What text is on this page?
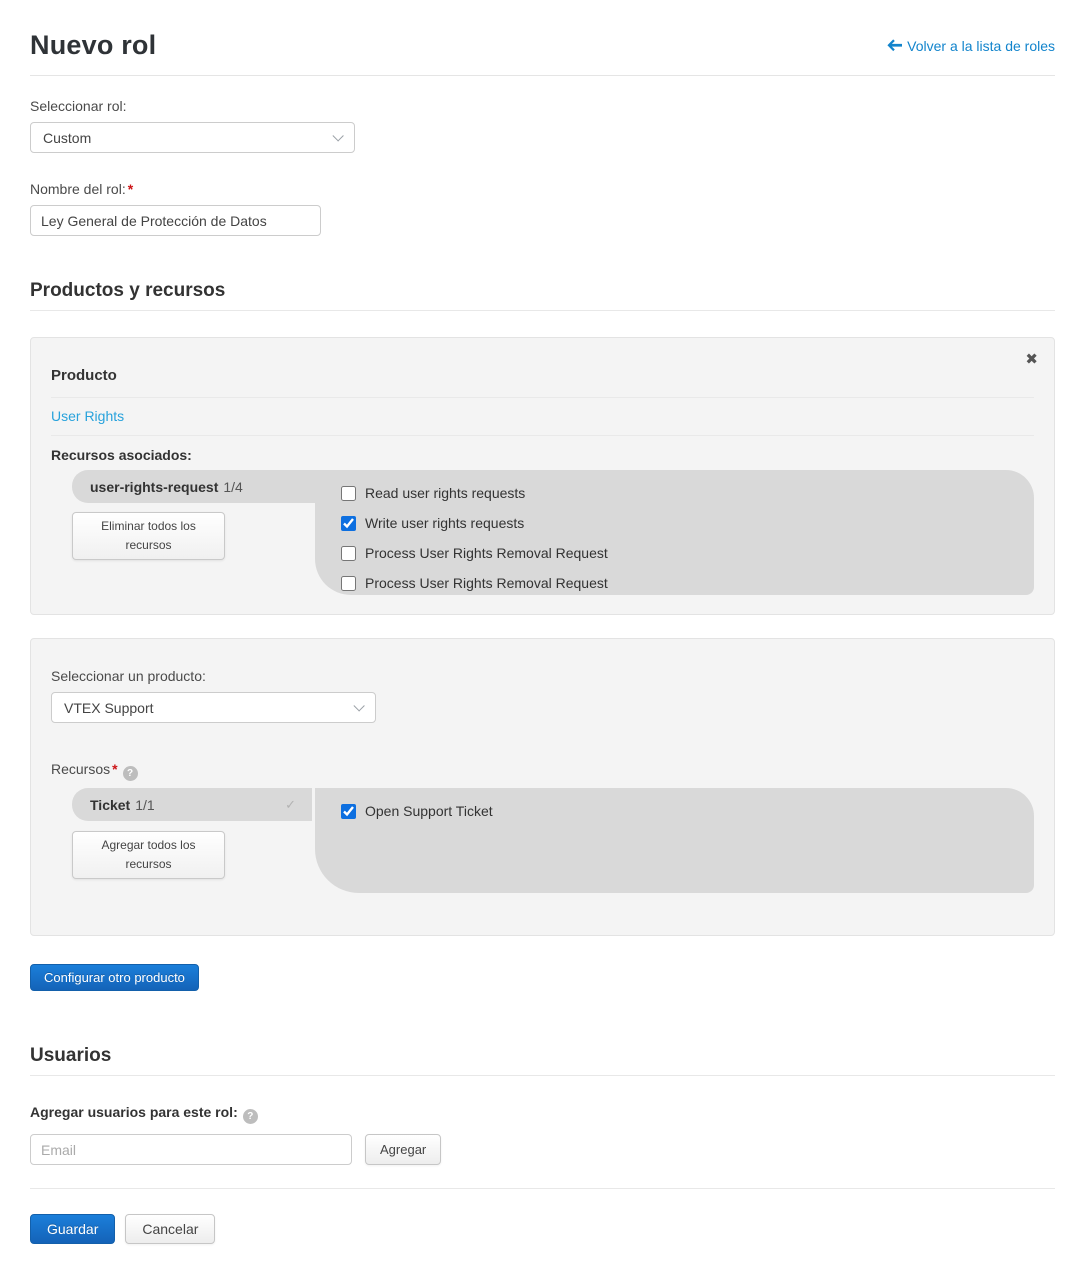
Nuevo rol	Volver a la lista de roles
Seleccionar rol:
Custom
Nombre del rol: *
Ley General de Protección de Datos
Productos y recursos
✖
Producto
User Rights
Recursos asociados:
user-rights-request 1/4
Eliminar todos los recursos
Read user rights requests
Write user rights requests
Process User Rights Removal Request
Process User Rights Removal Request
Seleccionar un producto:
VTEX Support
Recursos * ?
Ticket 1/1	✓
Agregar todos los recursos
Open Support Ticket
Configurar otro producto
Usuarios
Agregar usuarios para este rol: ?
Email
Agregar
Guardar	Cancelar
